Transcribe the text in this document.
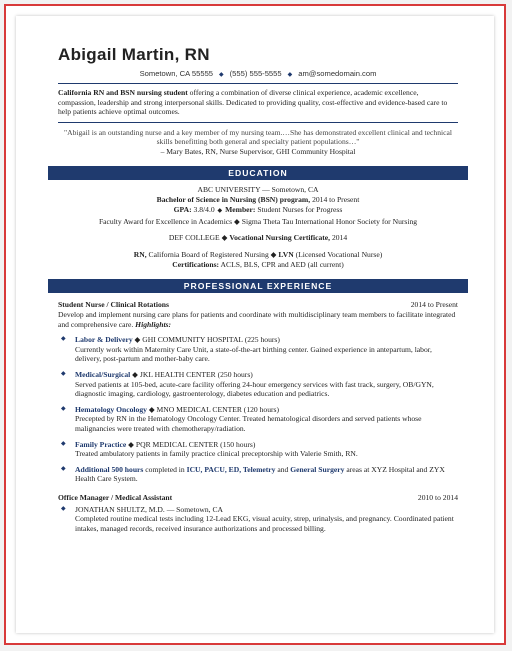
Abigail Martin, RN
Sometown, CA 55555 ◆ (555) 555-5555 ◆ am@somedomain.com
California RN and BSN nursing student offering a combination of diverse clinical experience, academic excellence, compassion, leadership and strong interpersonal skills. Dedicated to providing quality, cost-effective and evidence-based care to help patients achieve optimal outcomes.
"Abigail is an outstanding nurse and a key member of my nursing team.…She has demonstrated excellent clinical and technical skills benefitting both general and specialty patient populations…"
– Mary Bates, RN, Nurse Supervisor, GHI Community Hospital
EDUCATION
ABC UNIVERSITY — Sometown, CA
Bachelor of Science in Nursing (BSN) program, 2014 to Present
GPA: 3.8/4.0 ◆ Member: Student Nurses for Progress
Faculty Award for Excellence in Academics ◆ Sigma Theta Tau International Honor Society for Nursing
DEF COLLEGE ◆ Vocational Nursing Certificate, 2014
RN, California Board of Registered Nursing ◆ LVN (Licensed Vocational Nurse)
Certifications: ACLS, BLS, CPR and AED (all current)
PROFESSIONAL EXPERIENCE
Student Nurse / Clinical Rotations	2014 to Present
Develop and implement nursing care plans for patients and coordinate with multidisciplinary team members to facilitate integrated and comprehensive care. Highlights:
◆	Labor & Delivery ◆ GHI COMMUNITY HOSPITAL (225 hours)
Currently work within Maternity Care Unit, a state-of-the-art birthing center. Gained experience in antepartum, labor, delivery, post-partum and mother-baby care.
◆	Medical/Surgical ◆ JKL HEALTH CENTER (250 hours)
Served patients at 105-bed, acute-care facility offering 24-hour emergency services with fast track, surgery, OB/GYN, diagnostic imaging, cardiology, gastroenterology, diabetes education and pediatrics.
◆	Hematology Oncology ◆ MNO MEDICAL CENTER (120 hours)
Precepted by RN in the Hematology Oncology Center. Treated hematological disorders and served patients whose malignancies were treated with chemotherapy/radiation.
◆	Family Practice ◆ PQR MEDICAL CENTER (150 hours)
Treated ambulatory patients in family practice clinical preceptorship with Valerie Smith, RN.
◆	Additional 500 hours completed in ICU, PACU, ED, Telemetry and General Surgery areas at XYZ Hospital and ZYX Health Care System.
Office Manager / Medical Assistant	2010 to 2014
◆	JONATHAN SHULTZ, M.D. — Sometown, CA
Completed routine medical tests including 12-Lead EKG, visual acuity, strep, urinalysis, and pregnancy. Coordinated patient intakes, managed records, received insurance authorizations and processed billing.
